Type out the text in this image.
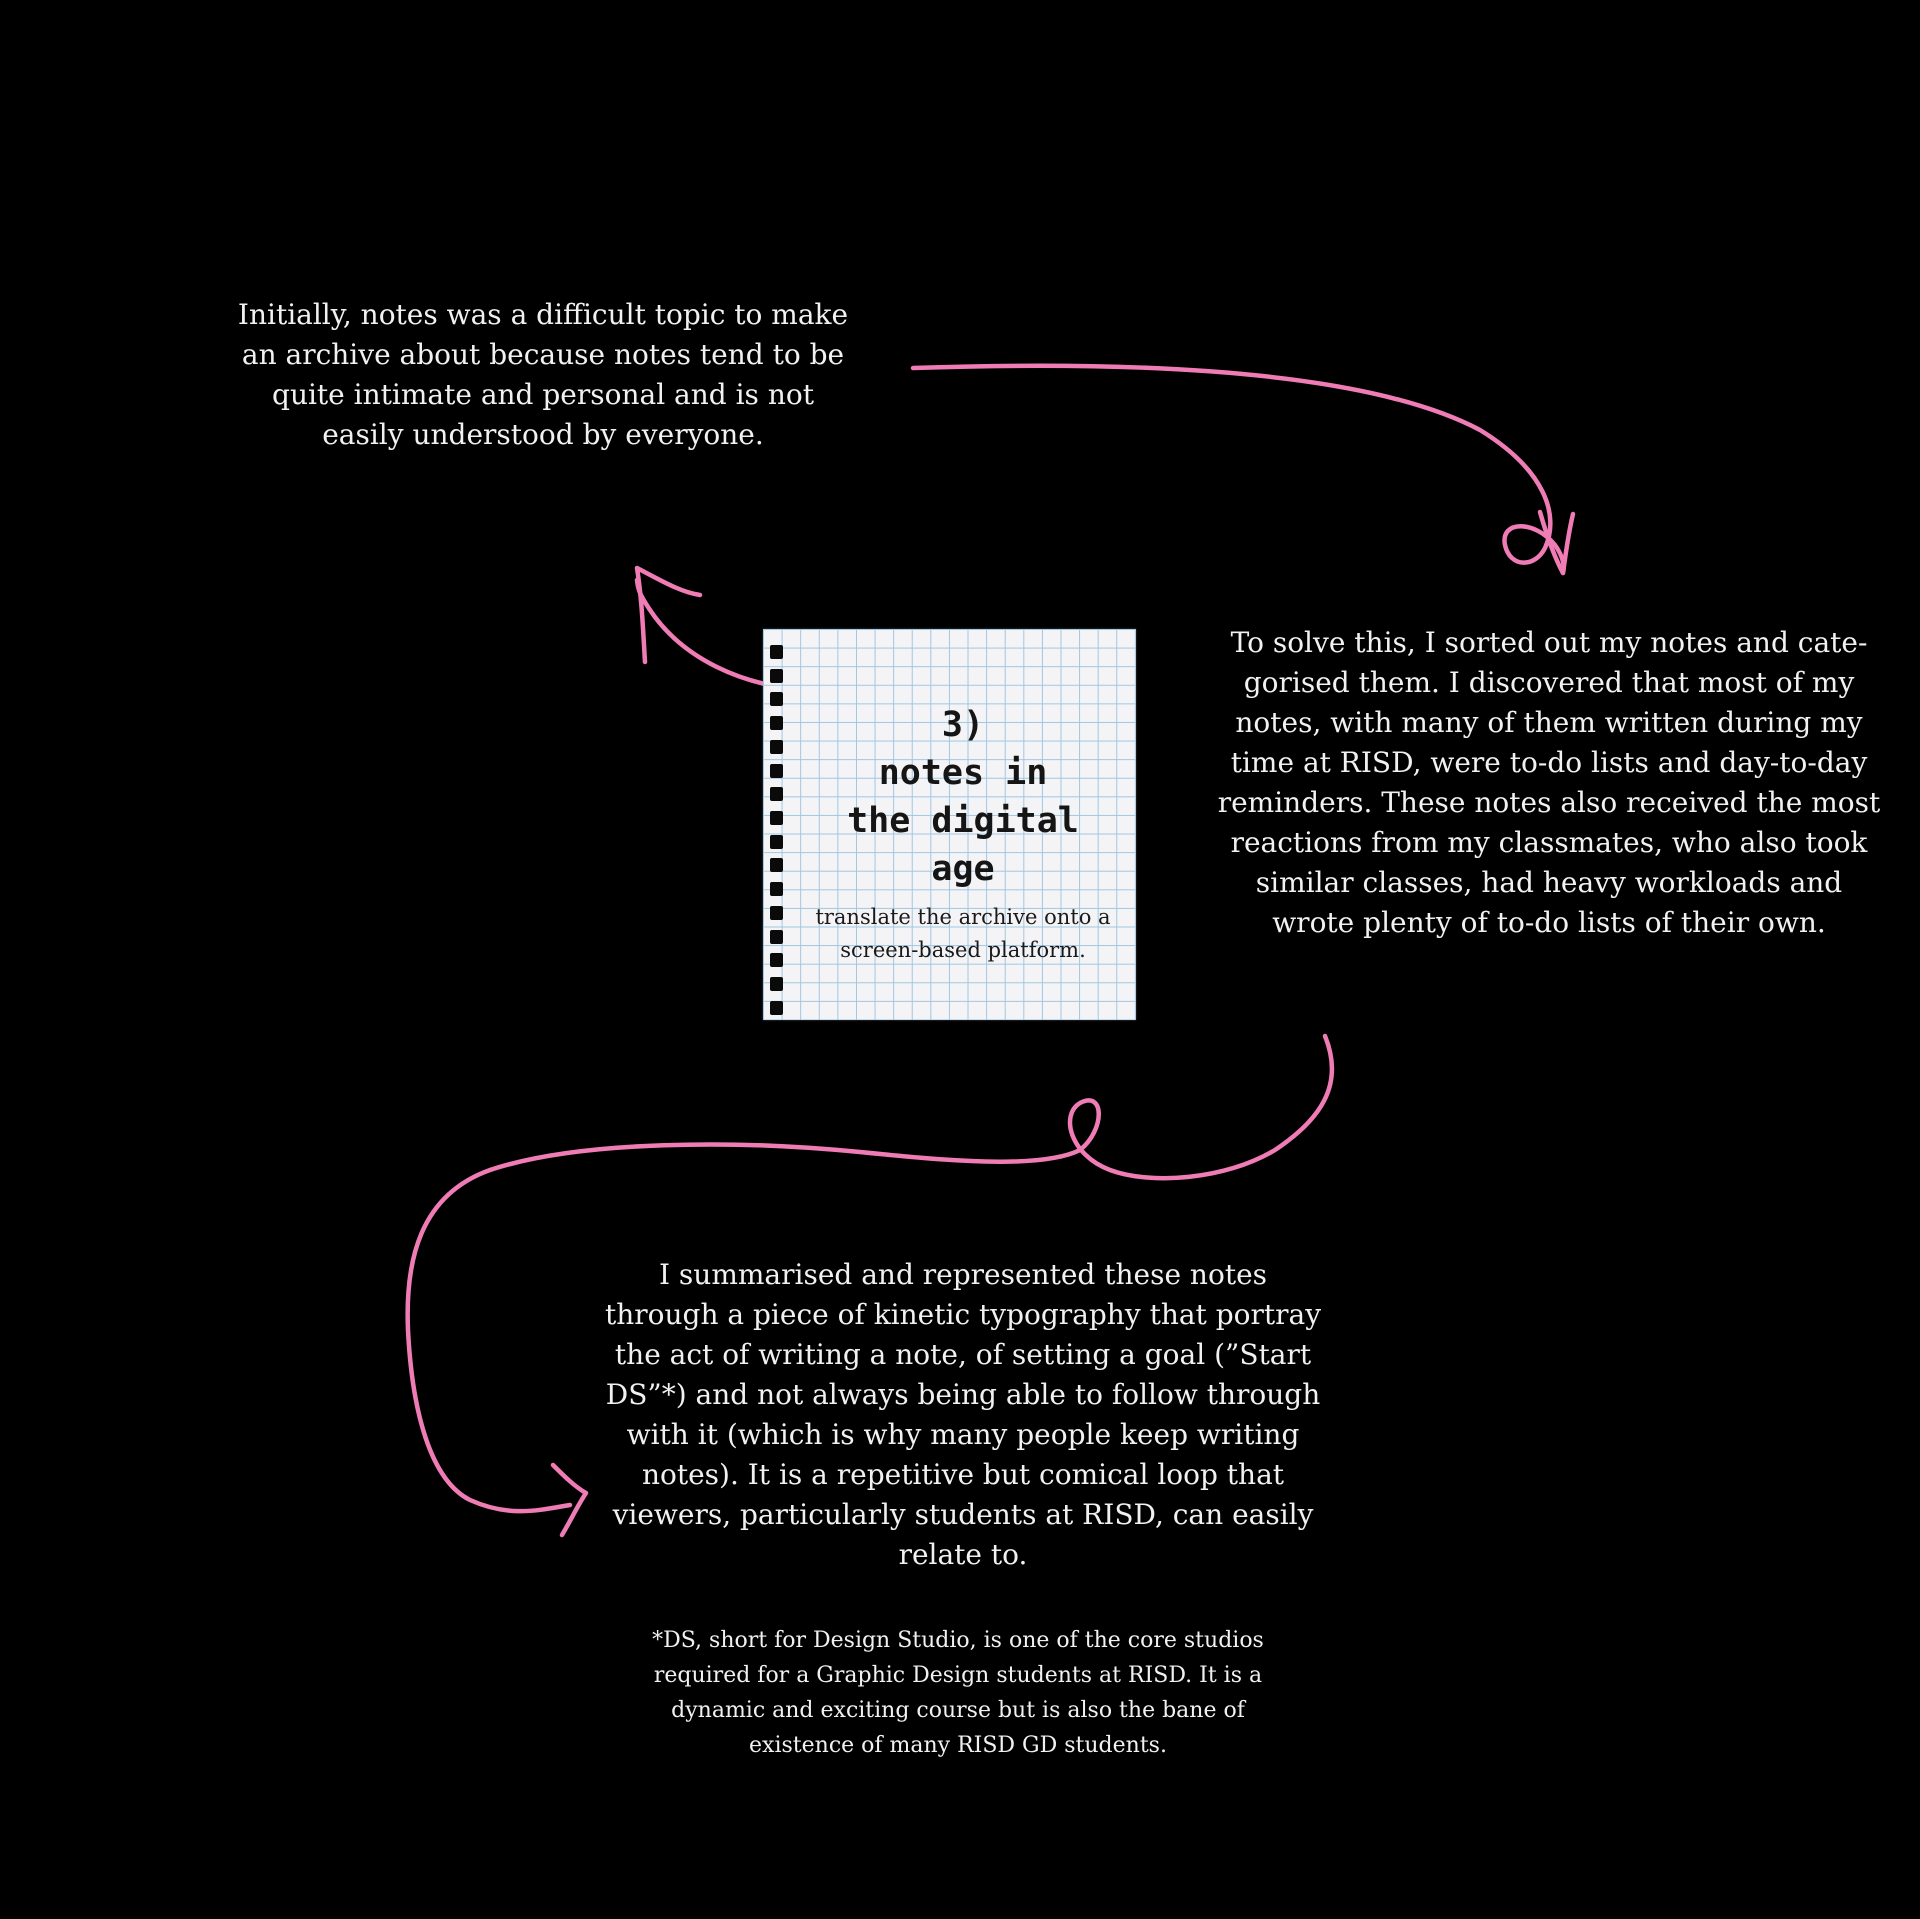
Initially, notes was a difficult topic to make an archive about because notes tend to be quite intimate and personal and is not easily understood by everyone.

To solve this, I sorted out my notes and cate-gorised them. I discovered that most of my notes, with many of them written during my time at RISD, were to-do lists and day-to-day reminders. These notes also received the most reactions from my classmates, who also took similar classes, had heavy workloads and wrote plenty of to-do lists of their own.

I summarised and represented these notes through a piece of kinetic typography that portray the act of writing a note, of setting a goal (”Start DS”*) and not always being able to follow through with it (which is why many people keep writing notes). It is a repetitive but comical loop that viewers, particularly students at RISD, can easily relate to.

*DS, short for Design Studio, is one of the core studios required for a Graphic Design students at RISD. It is a dynamic and exciting course but is also the bane of existence of many RISD GD students.

3)
notes in
the digital
age

translate the archive onto a screen-based platform.
